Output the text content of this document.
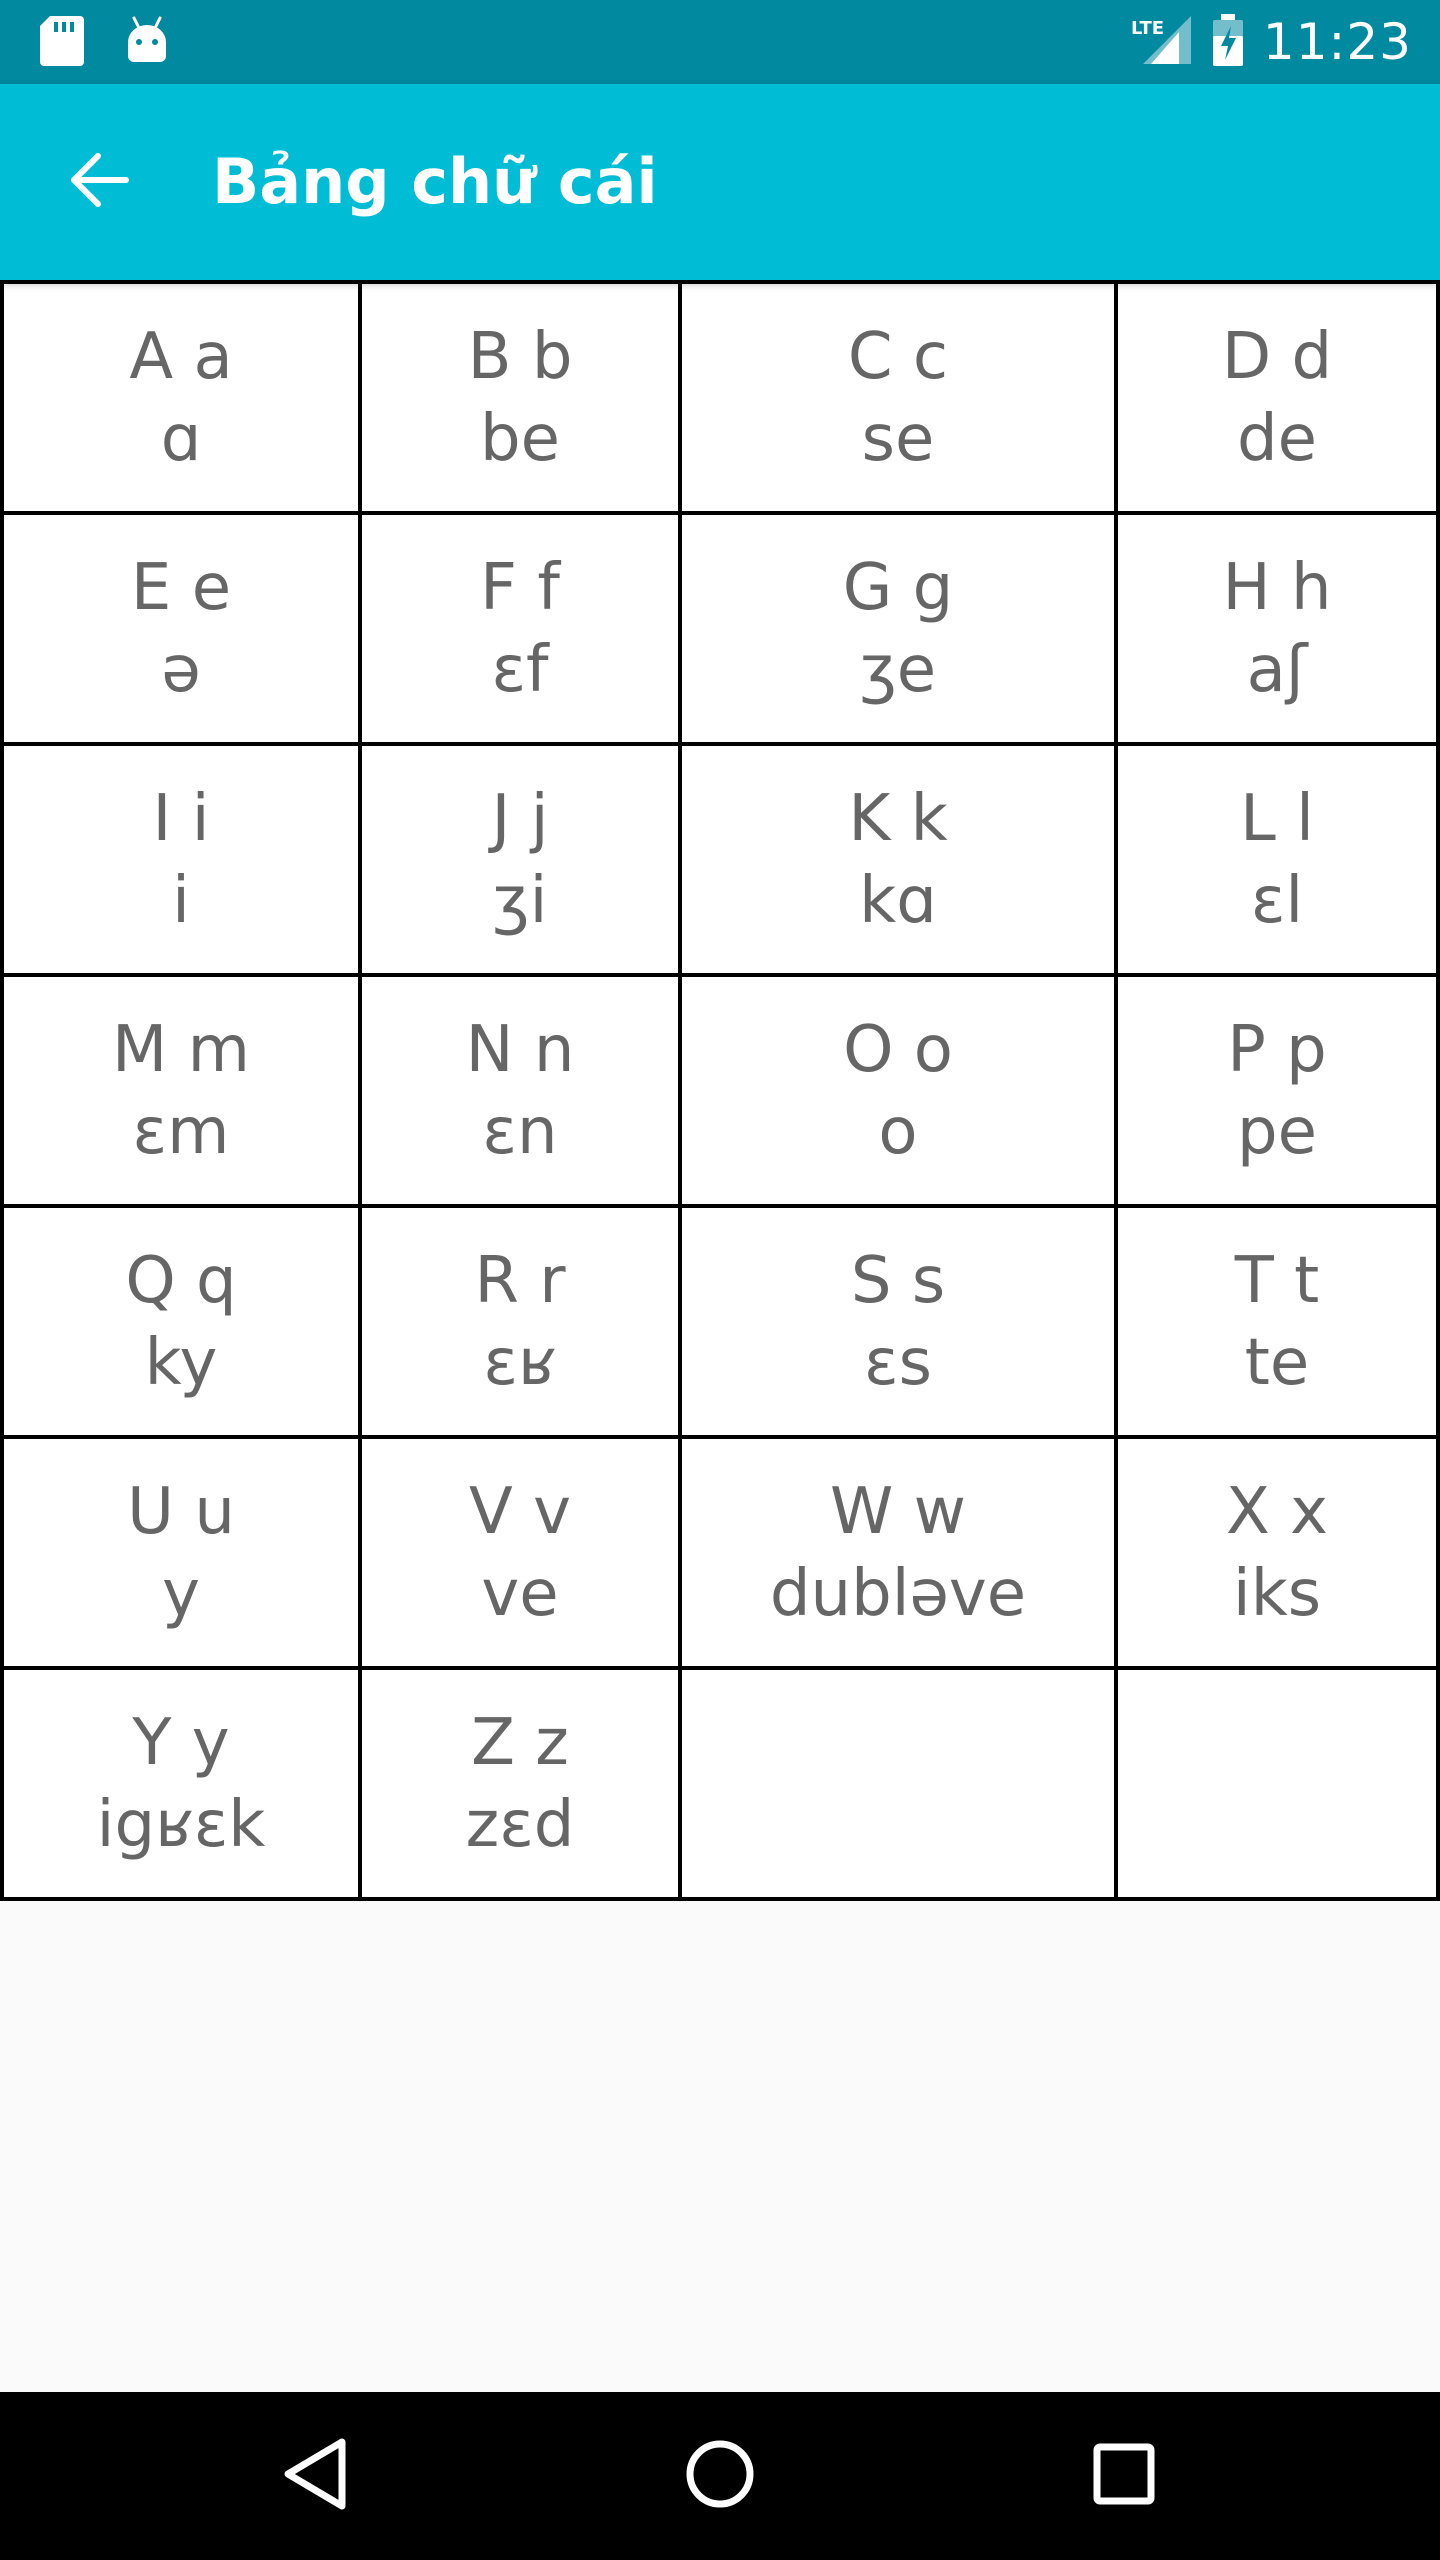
LTE 11:23
Bảng chữ cái
A a
ɑ
B b
be
C c
se
D d
de
E e
ə
F f
ɛf
G g
ʒe
H h
aʃ
I i
i
J j
ʒi
K k
kɑ
L l
ɛl
M m
ɛm
N n
ɛn
O o
o
P p
pe
Q q
ky
R r
ɛʁ
S s
ɛs
T t
te
U u
y
V v
ve
W w
dubləve
X x
iks
Y y
igʁɛk
Z z
zɛd
